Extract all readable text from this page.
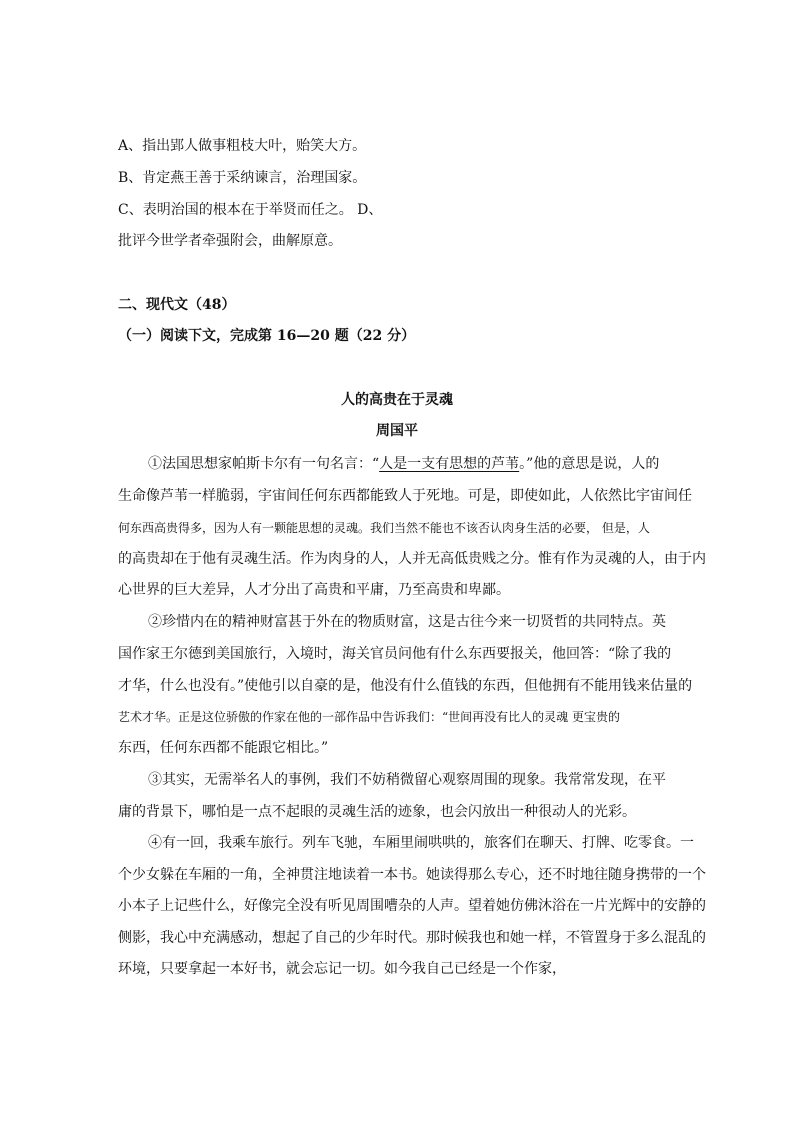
A、指出郢人做事粗枝大叶，贻笑大方。
B、肯定燕王善于采纳谏言，治理国家。
C、表明治国的根本在于举贤而任之。 D、
批评今世学者牵强附会，曲解原意。
二、现代文（48）
（一）阅读下文，完成第 16—20 题（22 分）
人的高贵在于灵魂
周国平
①法国思想家帕斯卡尔有一句名言：“人是一支有思想的芦苇。”他的意思是说，人的
生命像芦苇一样脆弱，宇宙间任何东西都能致人于死地。可是，即使如此，人依然比宇宙间任
何东西高贵得多，因为人有一颗能思想的灵魂。我们当然不能也不该否认肉身生活的必要， 但是，人
的高贵却在于他有灵魂生活。作为肉身的人，人并无高低贵贱之分。惟有作为灵魂的人，由于内
心世界的巨大差异，人才分出了高贵和平庸，乃至高贵和卑鄙。
②珍惜内在的精神财富甚于外在的物质财富，这是古往今来一切贤哲的共同特点。英
国作家王尔德到美国旅行，入境时，海关官员问他有什么东西要报关，他回答：“除了我的
才华，什么也没有。”使他引以自豪的是，他没有什么值钱的东西，但他拥有不能用钱来估量的
艺术才华。正是这位骄傲的作家在他的一部作品中告诉我们：“世间再没有比人的灵魂 更宝贵的
东西，任何东西都不能跟它相比。”
③其实，无需举名人的事例，我们不妨稍微留心观察周围的现象。我常常发现，在平
庸的背景下，哪怕是一点不起眼的灵魂生活的迹象，也会闪放出一种很动人的光彩。
④有一回，我乘车旅行。列车飞驰，车厢里闹哄哄的，旅客们在聊天、打牌、吃零食。一
个少女躲在车厢的一角，全神贯注地读着一本书。她读得那么专心，还不时地往随身携带的一个
小本子上记些什么，好像完全没有听见周围嘈杂的人声。望着她仿佛沐浴在一片光辉中的安静的
侧影，我心中充满感动，想起了自己的少年时代。那时候我也和她一样，不管置身于多么混乱的
环境，只要拿起一本好书，就会忘记一切。如今我自己已经是一个作家，
